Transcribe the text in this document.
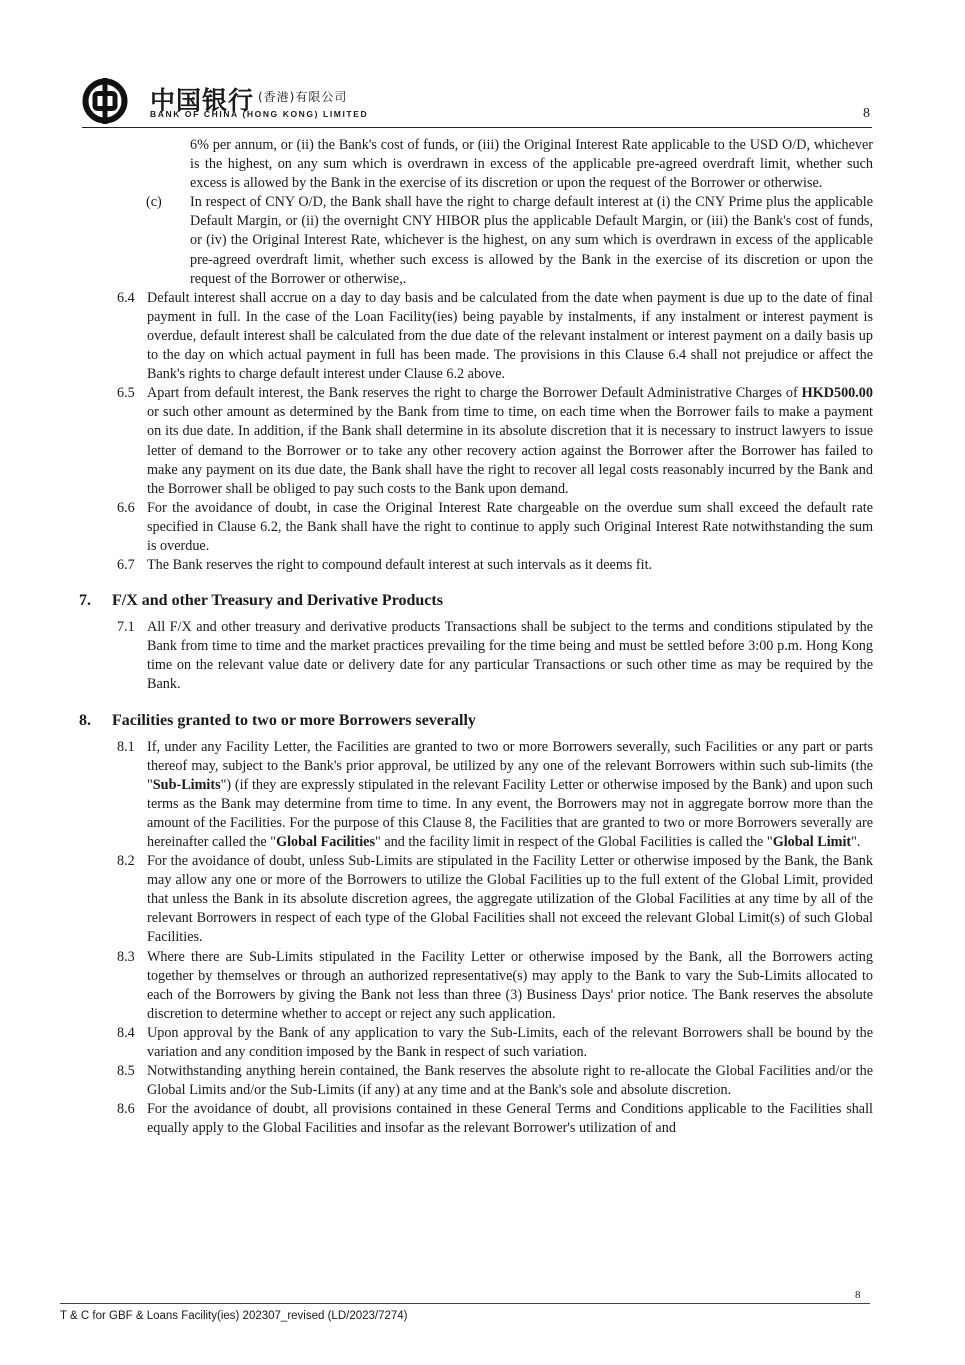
中国银行 (香港)有限公司
BANK OF CHINA (HONG KONG) LIMITED	8

6% per annum, or (ii) the Bank's cost of funds, or (iii) the Original Interest Rate applicable to the USD O/D, whichever is the highest, on any sum which is overdrawn in excess of the applicable pre-agreed overdraft limit, whether such excess is allowed by the Bank in the exercise of its discretion or upon the request of the Borrower or otherwise.

(c) In respect of CNY O/D, the Bank shall have the right to charge default interest at (i) the CNY Prime plus the applicable Default Margin, or (ii) the overnight CNY HIBOR plus the applicable Default Margin, or (iii) the Bank's cost of funds, or (iv) the Original Interest Rate, whichever is the highest, on any sum which is overdrawn in excess of the applicable pre-agreed overdraft limit, whether such excess is allowed by the Bank in the exercise of its discretion or upon the request of the Borrower or otherwise,.
6.4 Default interest shall accrue on a day to day basis and be calculated from the date when payment is due up to the date of final payment in full. In the case of the Loan Facility(ies) being payable by instalments, if any instalment or interest payment is overdue, default interest shall be calculated from the due date of the relevant instalment or interest payment on a daily basis up to the day on which actual payment in full has been made. The provisions in this Clause 6.4 shall not prejudice or affect the Bank's rights to charge default interest under Clause 6.2 above.
6.5 Apart from default interest, the Bank reserves the right to charge the Borrower Default Administrative Charges of HKD500.00 or such other amount as determined by the Bank from time to time, on each time when the Borrower fails to make a payment on its due date. In addition, if the Bank shall determine in its absolute discretion that it is necessary to instruct lawyers to issue letter of demand to the Borrower or to take any other recovery action against the Borrower after the Borrower has failed to make any payment on its due date, the Bank shall have the right to recover all legal costs reasonably incurred by the Bank and the Borrower shall be obliged to pay such costs to the Bank upon demand.
6.6 For the avoidance of doubt, in case the Original Interest Rate chargeable on the overdue sum shall exceed the default rate specified in Clause 6.2, the Bank shall have the right to continue to apply such Original Interest Rate notwithstanding the sum is overdue.
6.7 The Bank reserves the right to compound default interest at such intervals as it deems fit.
7. F/X and other Treasury and Derivative Products
7.1 All F/X and other treasury and derivative products Transactions shall be subject to the terms and conditions stipulated by the Bank from time to time and the market practices prevailing for the time being and must be settled before 3:00 p.m. Hong Kong time on the relevant value date or delivery date for any particular Transactions or such other time as may be required by the Bank.
8. Facilities granted to two or more Borrowers severally
8.1 If, under any Facility Letter, the Facilities are granted to two or more Borrowers severally, such Facilities or any part or parts thereof may, subject to the Bank's prior approval, be utilized by any one of the relevant Borrowers within such sub-limits (the "Sub-Limits") (if they are expressly stipulated in the relevant Facility Letter or otherwise imposed by the Bank) and upon such terms as the Bank may determine from time to time. In any event, the Borrowers may not in aggregate borrow more than the amount of the Facilities. For the purpose of this Clause 8, the Facilities that are granted to two or more Borrowers severally are hereinafter called the "Global Facilities" and the facility limit in respect of the Global Facilities is called the "Global Limit".
8.2 For the avoidance of doubt, unless Sub-Limits are stipulated in the Facility Letter or otherwise imposed by the Bank, the Bank may allow any one or more of the Borrowers to utilize the Global Facilities up to the full extent of the Global Limit, provided that unless the Bank in its absolute discretion agrees, the aggregate utilization of the Global Facilities at any time by all of the relevant Borrowers in respect of each type of the Global Facilities shall not exceed the relevant Global Limit(s) of such Global Facilities.
8.3 Where there are Sub-Limits stipulated in the Facility Letter or otherwise imposed by the Bank, all the Borrowers acting together by themselves or through an authorized representative(s) may apply to the Bank to vary the Sub-Limits allocated to each of the Borrowers by giving the Bank not less than three (3) Business Days' prior notice. The Bank reserves the absolute discretion to determine whether to accept or reject any such application.
8.4 Upon approval by the Bank of any application to vary the Sub-Limits, each of the relevant Borrowers shall be bound by the variation and any condition imposed by the Bank in respect of such variation.
8.5 Notwithstanding anything herein contained, the Bank reserves the absolute right to re-allocate the Global Facilities and/or the Global Limits and/or the Sub-Limits (if any) at any time and at the Bank's sole and absolute discretion.
8.6 For the avoidance of doubt, all provisions contained in these General Terms and Conditions applicable to the Facilities shall equally apply to the Global Facilities and insofar as the relevant Borrower's utilization of and
8
T & C for GBF & Loans Facility(ies) 202307_revised (LD/2023/7274)
